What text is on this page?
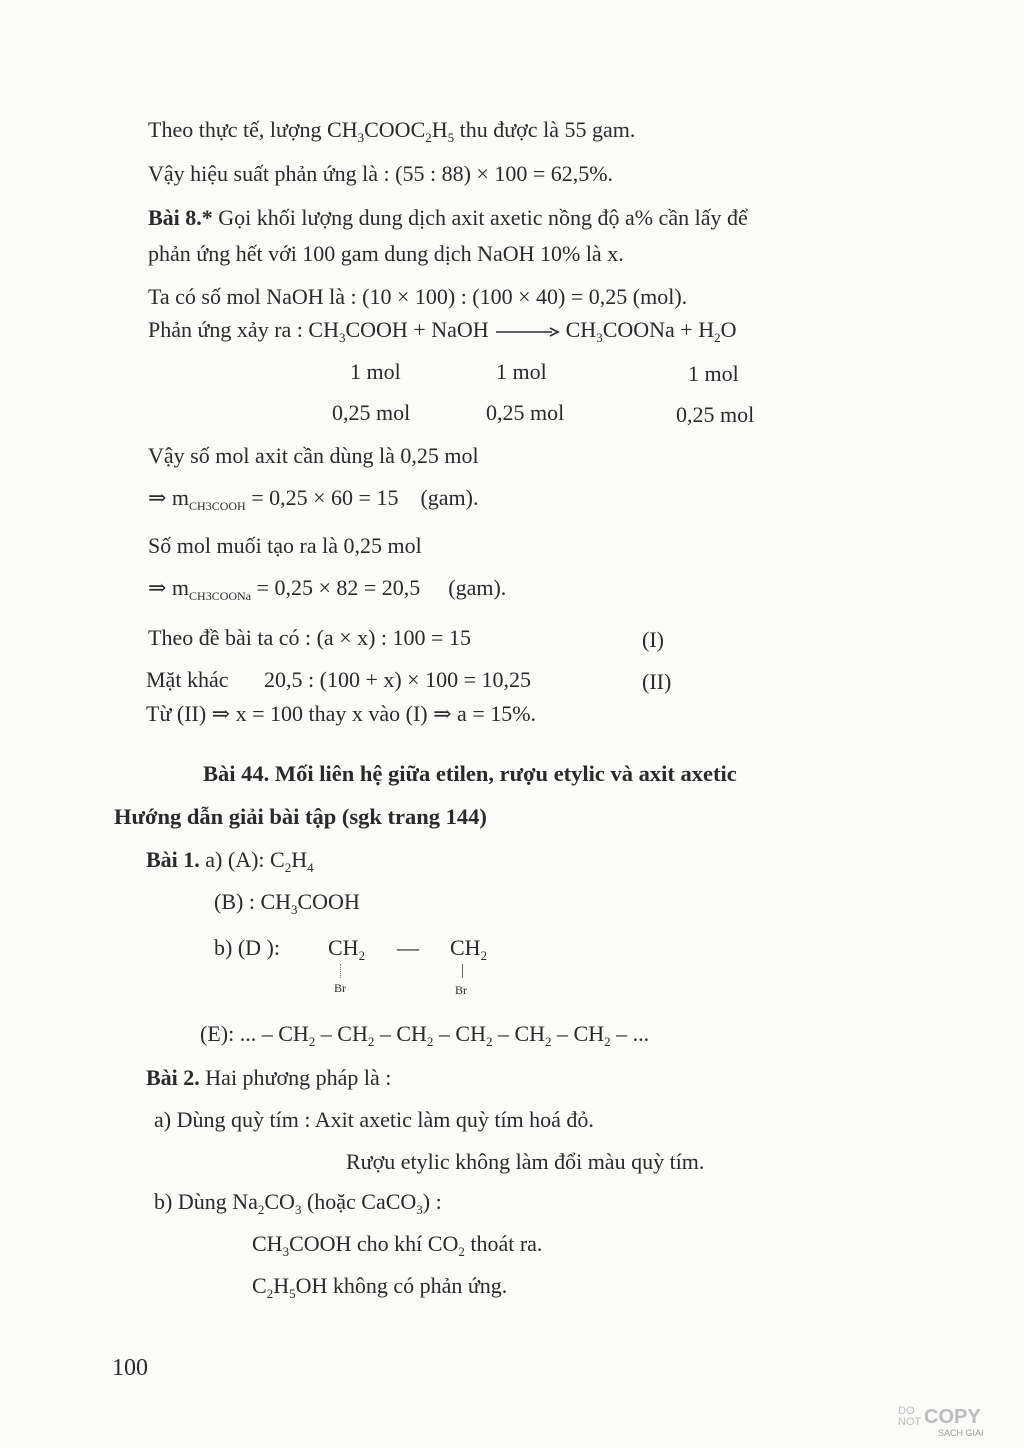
Theo thực tế, lượng $CH_3COOC_2H_5$ thu được là 55 gam.
Vậy hiệu suất phản ứng là : (55 : 88) × 100 = 62,5%.
Bài 8.* Gọi khối lượng dung dịch axit axetic nồng độ a% cần lấy để
phản ứng hết với 100 gam dung dịch NaOH 10% là x.
Ta có số mol NaOH là : (10 × 100) : (100 × 40) = 0,25 (mol).
Phản ứng xảy ra : $CH_3COOH$ + NaOH	$CH_3COONa + H_2O$
1 mol	1 mol	1 mol
0,25 mol	0,25 mol	0,25 mol
Vậy số mol axit cần dùng là 0,25 mol
⇒ $m_{CH3COOH} = 0,25 \times 60 = 15$ (gam).
Số mol muối tạo ra là 0,25 mol
⇒ $m_{CH3COONa} = 0,25 \times 82 = 20,5$ (gam).
Theo đề bài ta có : (a × x) : 100 = 15	(I)
Mặt khác 20,5 : (100 + x) × 100 = 10,25	(II)
Từ (II) ⇒ x = 100 thay x vào (I) ⇒ a = 15%.
Bài 44. Mối liên hệ giữa etilen, rượu etylic và axit axetic
Hướng dẫn giải bài tập (sgk trang 144)
Bài 1. a) (A): $C_2H_4$
(B) : $CH_3COOH$
b) (D ): $CH_2$ — $CH_2$
Br	Br
(E): ... – $CH_2 - CH_2 - CH_2 - CH_2 - CH_2 - CH_2$ – ...
Bài 2. Hai phương pháp là :
a) Dùng quỳ tím : Axit axetic làm quỳ tím hoá đỏ.
Rượu etylic không làm đổi màu quỳ tím.
b) Dùng $Na_2CO_3$ (hoặc CaCO$_3$) :
$CH_3COOH$ cho khí $CO_2$ thoát ra.
$C_2H_5OH$ không có phản ứng.
100
DO
NOT COPY
SACH GIAI
